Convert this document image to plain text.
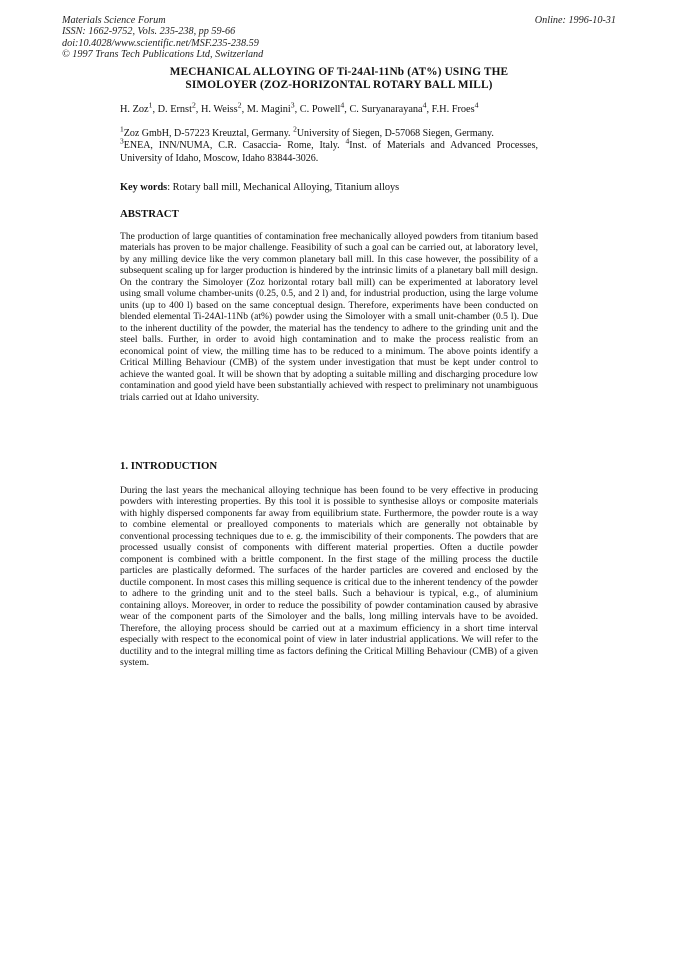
Materials Science Forum
ISSN: 1662-9752, Vols. 235-238, pp 59-66
doi:10.4028/www.scientific.net/MSF.235-238.59
© 1997 Trans Tech Publications Ltd, Switzerland
Online: 1996-10-31
MECHANICAL ALLOYING OF Ti-24Al-11Nb (AT%) USING THE
SIMOLOYER (ZOZ-HORIZONTAL ROTARY BALL MILL)
H. Zoz$^1$, D. Ernst$^2$, H. Weiss$^2$, M. Magini$^3$, C. Powell$^4$, C. Suryanarayana$^4$, F.H. Froes$^4$
$^1$Zoz GmbH, D-57223 Kreuztal, Germany. $^2$University of Siegen, D-57068 Siegen, Germany.
$^3$ENEA, INN/NUMA, C.R. Casaccia- Rome, Italy. $^4$Inst. of Materials and Advanced Processes, University of Idaho, Moscow, Idaho 83844-3026.
Key words: Rotary ball mill, Mechanical Alloying, Titanium alloys
ABSTRACT
The production of large quantities of contamination free mechanically alloyed powders from titanium based materials has proven to be major challenge. Feasibility of such a goal can be carried out, at laboratory level, by any milling device like the very common planetary ball mill. In this case however, the possibility of a subsequent scaling up for larger production is hindered by the intrinsic limits of a planetary ball mill design. On the contrary the Simoloyer (Zoz horizontal rotary ball mill) can be experimented at laboratory level using small volume chamber-units (0.25, 0.5, and 2 l) and, for industrial production, using the large volume units (up to 400 l) based on the same conceptual design. Therefore, experiments have been conducted on blended elemental Ti-24Al-11Nb (at%) powder using the Simoloyer with a small unit-chamber (0.5 l). Due to the inherent ductility of the powder, the material has the tendency to adhere to the grinding unit and the steel balls. Further, in order to avoid high contamination and to make the process realistic from an economical point of view, the milling time has to be reduced to a minimum. The above points identify a Critical Milling Behaviour (CMB) of the system under investigation that must be kept under control to achieve the wanted goal. It will be shown that by adopting a suitable milling and discharging procedure low contamination and good yield have been substantially achieved with respect to preliminary not unambiguous trials carried out at Idaho university.
1. INTRODUCTION
During the last years the mechanical alloying technique has been found to be very effective in producing powders with interesting properties. By this tool it is possible to synthesise alloys or composite materials with highly dispersed components far away from equilibrium state. Furthermore, the powder route is a way to combine elemental or prealloyed components to materials which are generally not obtainable by conventional processing techniques due to e. g. the immiscibility of their components. The powders that are processed usually consist of components with different material properties. Often a ductile powder component is combined with a brittle component. In the first stage of the milling process the ductile particles are plastically deformed. The surfaces of the harder particles are covered and enclosed by the ductile component. In most cases this milling sequence is critical due to the inherent tendency of the powder to adhere to the grinding unit and to the steel balls. Such a behaviour is typical, e.g., of aluminium containing alloys. Moreover, in order to reduce the possibility of powder contamination caused by abrasive wear of the component parts of the Simoloyer and the balls, long milling intervals have to be avoided. Therefore, the alloying process should be carried out at a maximum efficiency in a short time interval especially with respect to the economical point of view in later industrial applications. We will refer to the ductility and to the integral milling time as factors defining the Critical Milling Behaviour (CMB) of a given system.
